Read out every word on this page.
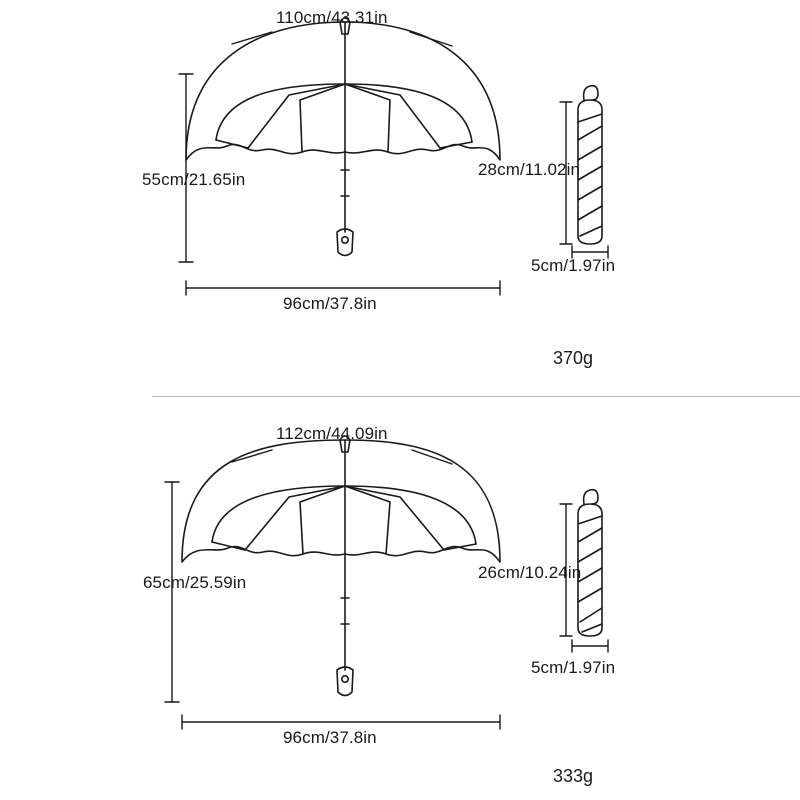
110cm/43.31in
55cm/21.65in
96cm/37.8in
28cm/11.02in
5cm/1.97in
370g
112cm/44.09in
65cm/25.59in
96cm/37.8in
26cm/10.24in
5cm/1.97in
333g
